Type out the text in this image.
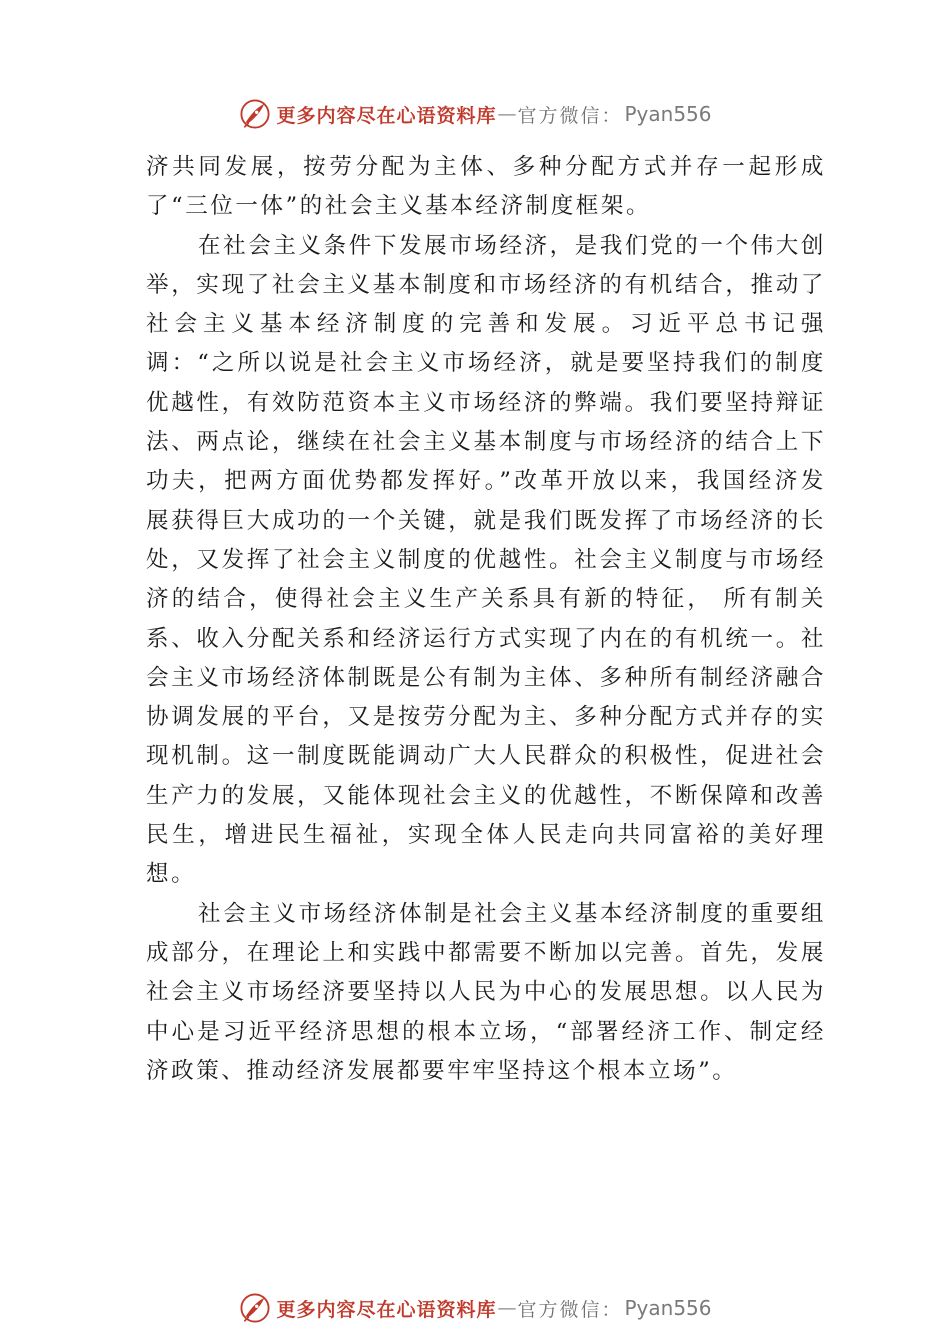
更多内容尽在心语资料库 — 官方微信： Pyan556

济共同发展，按劳分配为主体、多种分配方式并存一起形成了“三位一体”的社会主义基本经济制度框架。

在社会主义条件下发展市场经济，是我们党的一个伟大创举，实现了社会主义基本制度和市场经济的有机结合，推动了社会主义基本经济制度的完善和发展。习近平总书记强调：“之所以说是社会主义市场经济，就是要坚持我们的制度优越性，有效防范资本主义市场经济的弊端。我们要坚持辩证法、两点论，继续在社会主义基本制度与市场经济的结合上下功夫，把两方面优势都发挥好。”改革开放以来，我国经济发展获得巨大成功的一个关键，就是我们既发挥了市场经济的长处，又发挥了社会主义制度的优越性。社会主义制度与市场经济的结合，使得社会主义生产关系具有新的特征， 所有制关系、收入分配关系和经济运行方式实现了内在的有机统一。社会主义市场经济体制既是公有制为主体、多种所有制经济融合协调发展的平台，又是按劳分配为主、多种分配方式并存的实现机制。这一制度既能调动广大人民群众的积极性，促进社会生产力的发展，又能体现社会主义的优越性，不断保障和改善民生，增进民生福祉，实现全体人民走向共同富裕的美好理想。

社会主义市场经济体制是社会主义基本经济制度的重要组成部分，在理论上和实践中都需要不断加以完善。首先，发展社会主义市场经济要坚持以人民为中心的发展思想。以人民为中心是习近平经济思想的根本立场，“部署经济工作、制定经济政策、推动经济发展都要牢牢坚持这个根本立场”。

更多内容尽在心语资料库 — 官方微信： Pyan556
